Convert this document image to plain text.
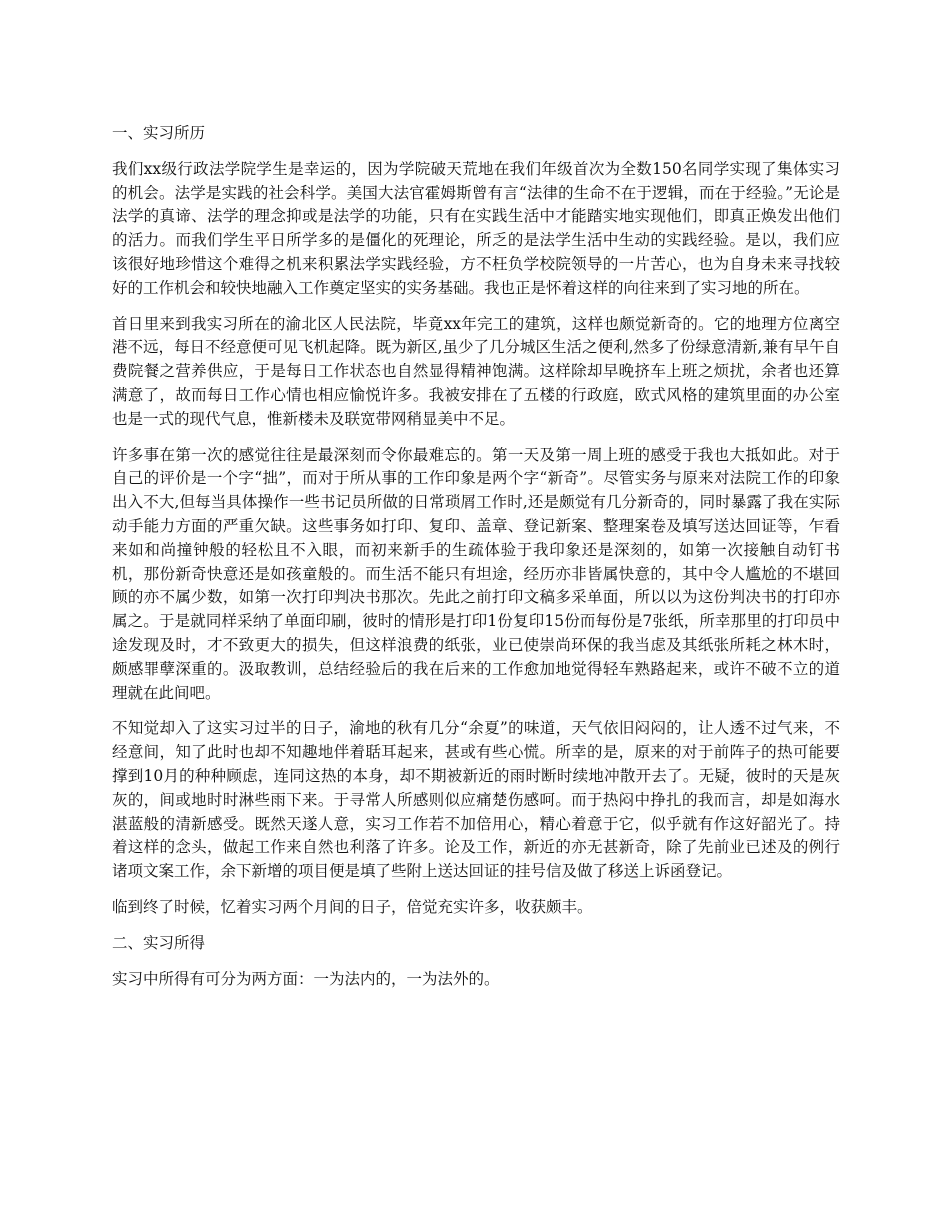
一、实习所历

我们xx级行政法学院学生是幸运的，因为学院破天荒地在我们年级首次为全数150名同学实现了集体实习的机会。法学是实践的社会科学。美国大法官霍姆斯曾有言“法律的生命不在于逻辑，而在于经验。”无论是法学的真谛、法学的理念抑或是法学的功能，只有在实践生活中才能踏实地实现他们，即真正焕发出他们的活力。而我们学生平日所学多的是僵化的死理论，所乏的是法学生活中生动的实践经验。是以，我们应该很好地珍惜这个难得之机来积累法学实践经验，方不枉负学校院领导的一片苦心，也为自身未来寻找较好的工作机会和较快地融入工作奠定坚实的实务基础。我也正是怀着这样的向往来到了实习地的所在。

首日里来到我实习所在的渝北区人民法院，毕竟xx年完工的建筑，这样也颇觉新奇的。它的地理方位离空港不远，每日不经意便可见飞机起降。既为新区,虽少了几分城区生活之便利,然多了份绿意清新,兼有早午自费院餐之营养供应，于是每日工作状态也自然显得精神饱满。这样除却早晚挤车上班之烦扰，余者也还算满意了，故而每日工作心情也相应愉悦许多。我被安排在了五楼的行政庭，欧式风格的建筑里面的办公室也是一式的现代气息，惟新楼未及联宽带网稍显美中不足。

许多事在第一次的感觉往往是最深刻而令你最难忘的。第一天及第一周上班的感受于我也大抵如此。对于自己的评价是一个字“拙”，而对于所从事的工作印象是两个字“新奇”。尽管实务与原来对法院工作的印象出入不大,但每当具体操作一些书记员所做的日常琐屑工作时,还是颇觉有几分新奇的，同时暴露了我在实际动手能力方面的严重欠缺。这些事务如打印、复印、盖章、登记新案、整理案卷及填写送达回证等，乍看来如和尚撞钟般的轻松且不入眼，而初来新手的生疏体验于我印象还是深刻的，如第一次接触自动钉书机，那份新奇快意还是如孩童般的。而生活不能只有坦途，经历亦非皆属快意的，其中令人尴尬的不堪回顾的亦不属少数，如第一次打印判决书那次。先此之前打印文稿多采单面，所以以为这份判决书的打印亦属之。于是就同样采纳了单面印刷，彼时的情形是打印1份复印15份而每份是7张纸，所幸那里的打印员中途发现及时，才不致更大的损失，但这样浪费的纸张，业已使崇尚环保的我当虑及其纸张所耗之林木时，颇感罪孽深重的。汲取教训，总结经验后的我在后来的工作愈加地觉得轻车熟路起来，或许不破不立的道理就在此间吧。

不知觉却入了这实习过半的日子，渝地的秋有几分“余夏”的味道，天气依旧闷闷的，让人透不过气来，不经意间，知了此时也却不知趣地伴着聒耳起来，甚或有些心慌。所幸的是，原来的对于前阵子的热可能要撑到10月的种种顾虑，连同这热的本身，却不期被新近的雨时断时续地冲散开去了。无疑，彼时的天是灰灰的，间或地时时淋些雨下来。于寻常人所感则似应痛楚伤感呵。而于热闷中挣扎的我而言，却是如海水湛蓝般的清新感受。既然天遂人意，实习工作若不加倍用心，精心着意于它，似乎就有作这好韶光了。持着这样的念头，做起工作来自然也利落了许多。论及工作，新近的亦无甚新奇，除了先前业已述及的例行诸项文案工作，余下新增的项目便是填了些附上送达回证的挂号信及做了移送上诉函登记。

临到终了时候，忆着实习两个月间的日子，倍觉充实许多，收获颇丰。

二、实习所得

实习中所得有可分为两方面：一为法内的，一为法外的。
